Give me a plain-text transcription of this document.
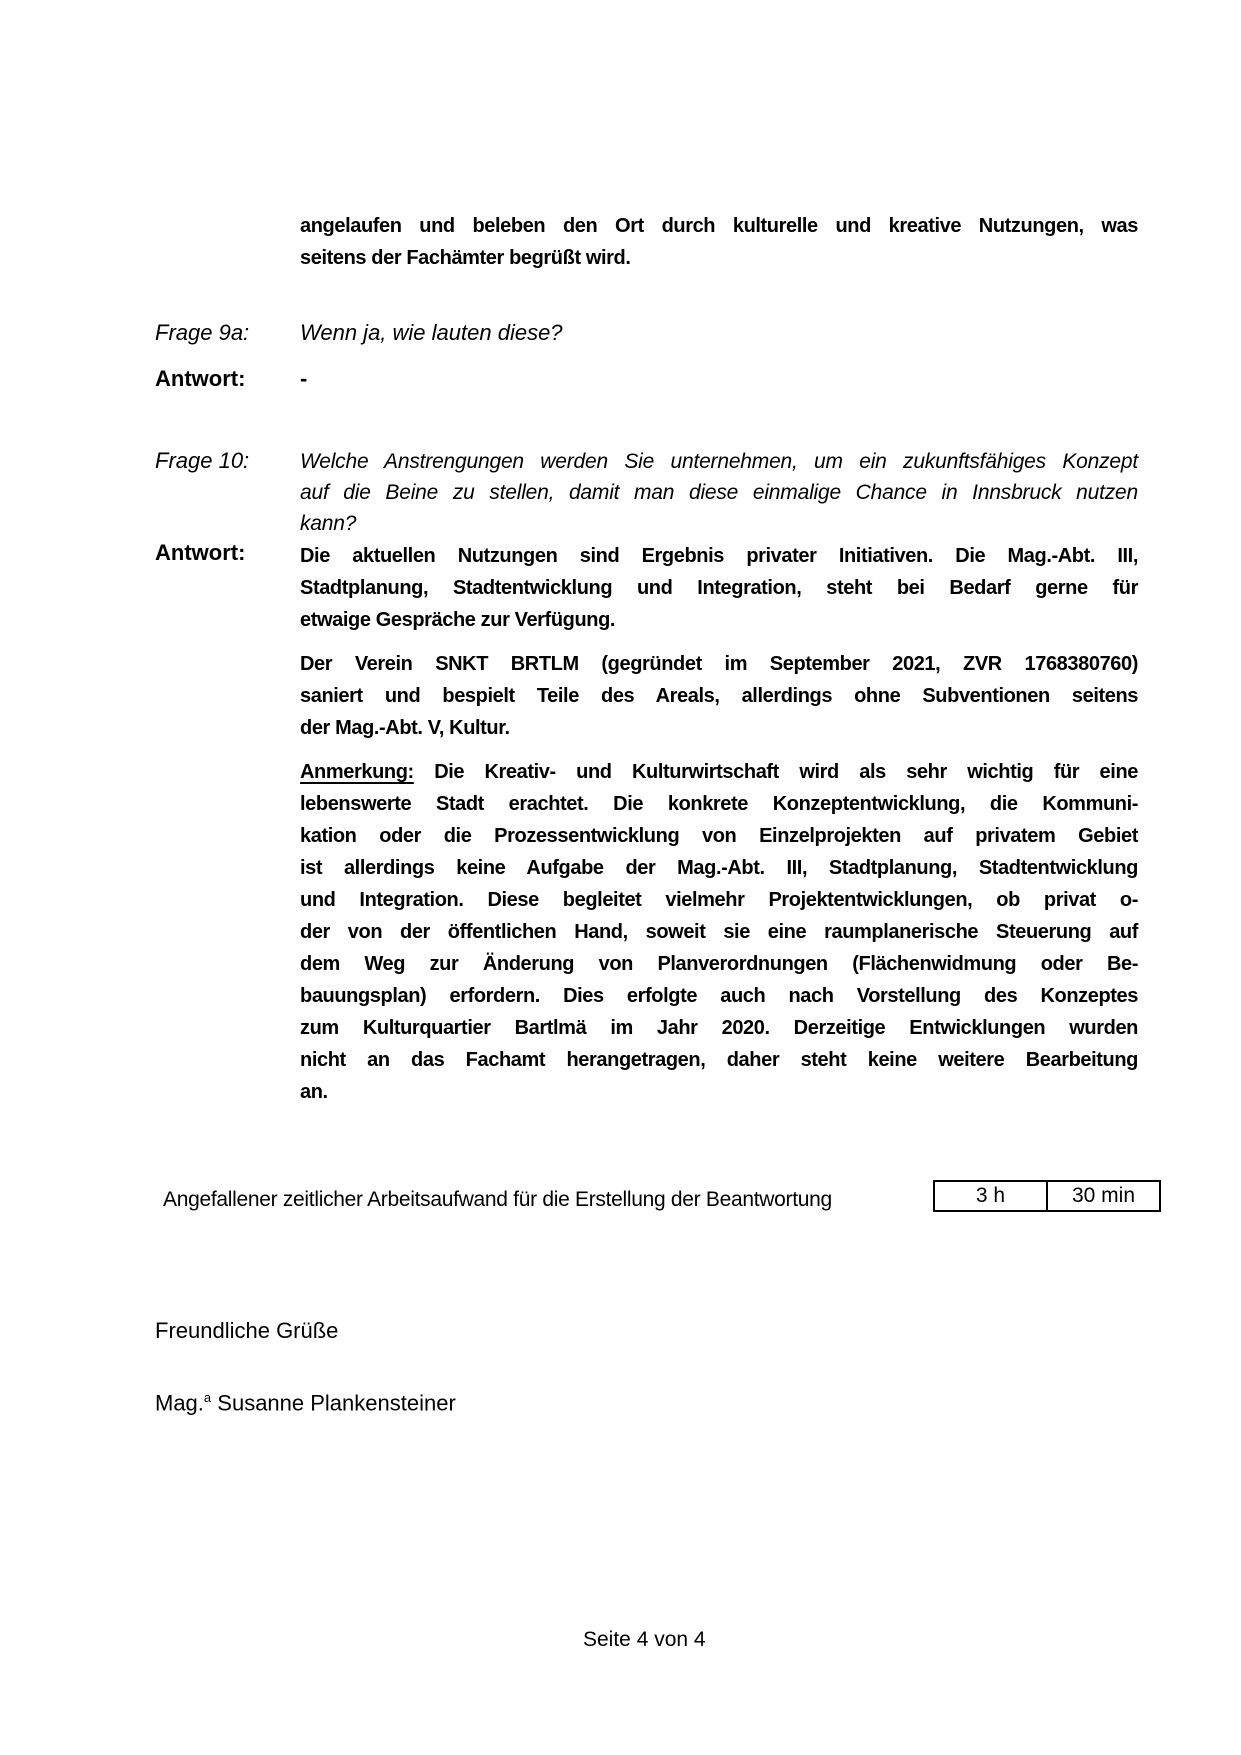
angelaufen und beleben den Ort durch kulturelle und kreative Nutzungen, was
seitens der Fachämter begrüßt wird.
Frage 9a: Wenn ja, wie lauten diese?
Antwort: -
Frage 10: Welche Anstrengungen werden Sie unternehmen, um ein zukunftsfähiges Konzept
auf die Beine zu stellen, damit man diese einmalige Chance in Innsbruck nutzen
kann?
Antwort:	Die aktuellen Nutzungen sind Ergebnis privater Initiativen. Die Mag.-Abt. III,
Stadtplanung, Stadtentwicklung und Integration, steht bei Bedarf gerne für
etwaige Gespräche zur Verfügung.
Der Verein SNKT BRTLM (gegründet im September 2021, ZVR 1768380760)
saniert und bespielt Teile des Areals, allerdings ohne Subventionen seitens
der Mag.-Abt. V, Kultur.
Anmerkung: Die Kreativ- und Kulturwirtschaft wird als sehr wichtig für eine
lebenswerte Stadt erachtet. Die konkrete Konzeptentwicklung, die Kommuni-
kation oder die Prozessentwicklung von Einzelprojekten auf privatem Gebiet
ist allerdings keine Aufgabe der Mag.-Abt. III, Stadtplanung, Stadtentwicklung
und Integration. Diese begleitet vielmehr Projektentwicklungen, ob privat o-
der von der öffentlichen Hand, soweit sie eine raumplanerische Steuerung auf
dem Weg zur Änderung von Planverordnungen (Flächenwidmung oder Be-
bauungsplan) erfordern. Dies erfolgte auch nach Vorstellung des Konzeptes
zum Kulturquartier Bartlmä im Jahr 2020. Derzeitige Entwicklungen wurden
nicht an das Fachamt herangetragen, daher steht keine weitere Bearbeitung
an.
Angefallener zeitlicher Arbeitsaufwand für die Erstellung der Beantwortung	3 h	30 min
Freundliche Grüße
Mag.$^a$ Susanne Plankensteiner
Seite 4 von 4
